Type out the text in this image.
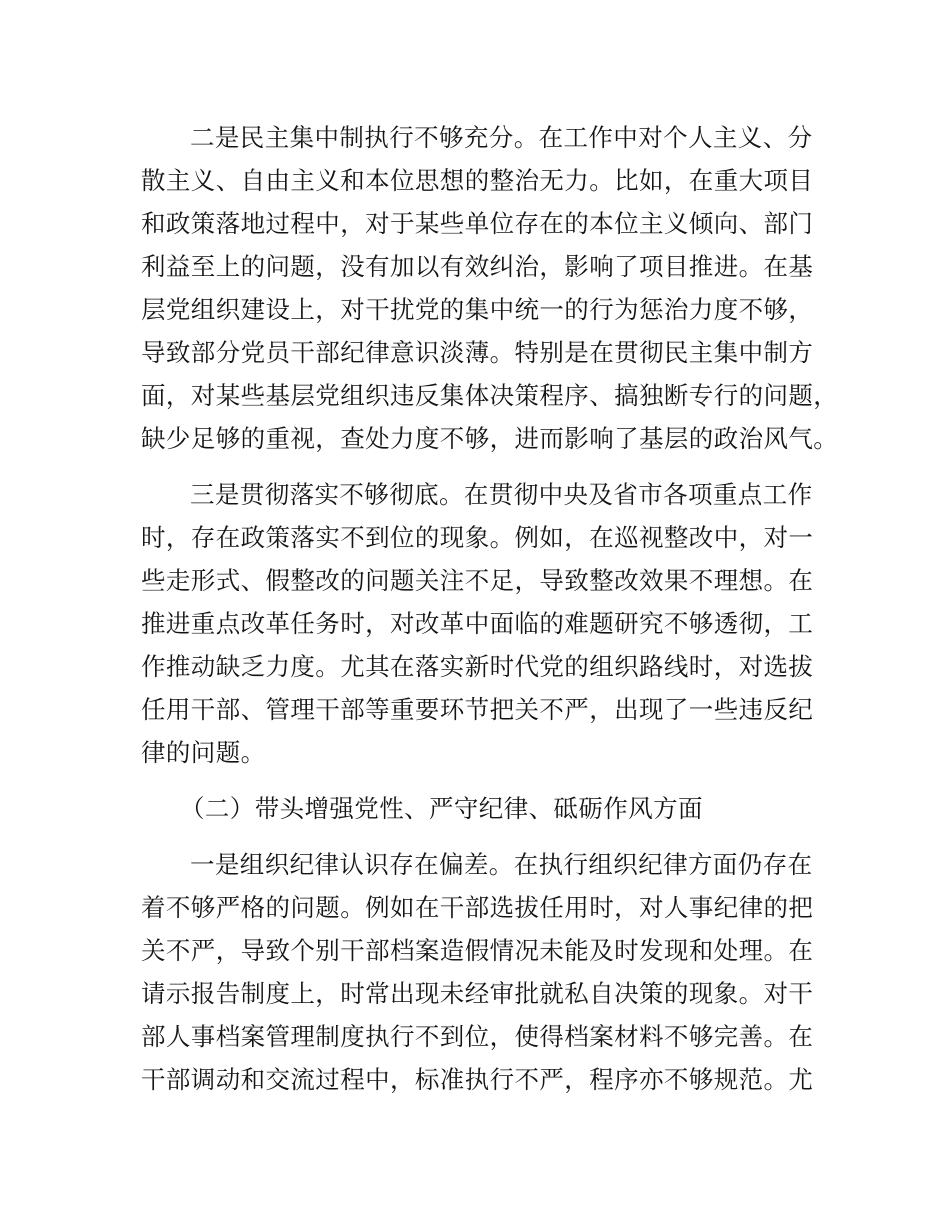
二是民主集中制执行不够充分。在工作中对个人主义、分
散主义、自由主义和本位思想的整治无力。比如，在重大项目
和政策落地过程中，对于某些单位存在的本位主义倾向、部门
利益至上的问题，没有加以有效纠治，影响了项目推进。在基
层党组织建设上，对干扰党的集中统一的行为惩治力度不够，
导致部分党员干部纪律意识淡薄。特别是在贯彻民主集中制方
面，对某些基层党组织违反集体决策程序、搞独断专行的问题，
缺少足够的重视，查处力度不够，进而影响了基层的政治风气。
三是贯彻落实不够彻底。在贯彻中央及省市各项重点工作
时，存在政策落实不到位的现象。例如，在巡视整改中，对一
些走形式、假整改的问题关注不足，导致整改效果不理想。在
推进重点改革任务时，对改革中面临的难题研究不够透彻，工
作推动缺乏力度。尤其在落实新时代党的组织路线时，对选拔
任用干部、管理干部等重要环节把关不严，出现了一些违反纪
律的问题。
（二）带头增强党性、严守纪律、砥砺作风方面
一是组织纪律认识存在偏差。在执行组织纪律方面仍存在
着不够严格的问题。例如在干部选拔任用时，对人事纪律的把
关不严，导致个别干部档案造假情况未能及时发现和处理。在
请示报告制度上，时常出现未经审批就私自决策的现象。对干
部人事档案管理制度执行不到位，使得档案材料不够完善。在
干部调动和交流过程中，标准执行不严，程序亦不够规范。尤
